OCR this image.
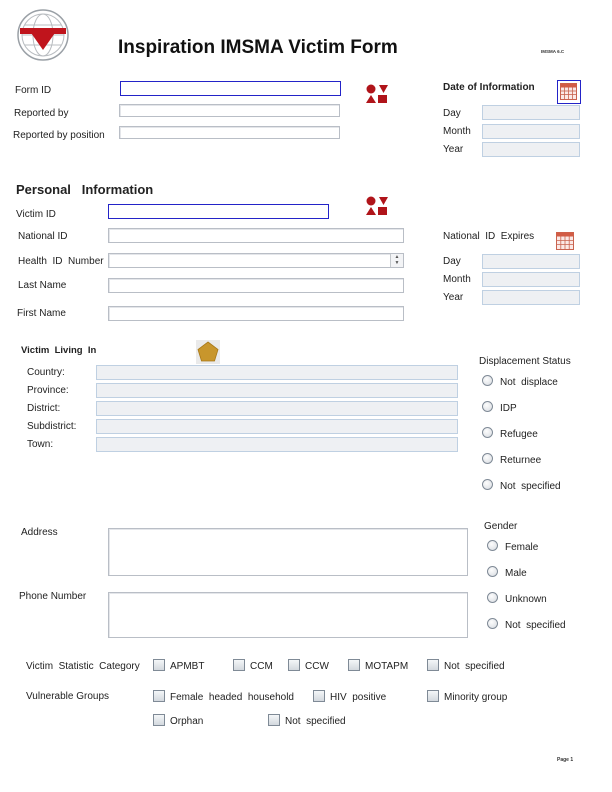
Inspiration IMSMA Victim Form	IMSMA 6.C
Form ID
Reported by
Reported by position
Date of Information
Day
Month
Year
Personal   Information
Victim ID
National ID
Health  ID  Number	▲
▼
Last Name
First Name
National  ID  Expires
Day
Month
Year
Victim  Living  In
Country:
Province:
District:
Subdistrict:
Town:
Displacement Status
Not  displace
IDP
Refugee
Returnee
Not  specified
Address
Phone Number
Gender
Female
Male
Unknown
Not  specified
Victim  Statistic  Category	APMBT	CCM	CCW	MOTAPM	Not  specified
Vulnerable Groups	Female  headed  household	HIV  positive	Minority group
Orphan	Not  specified
Page 1
